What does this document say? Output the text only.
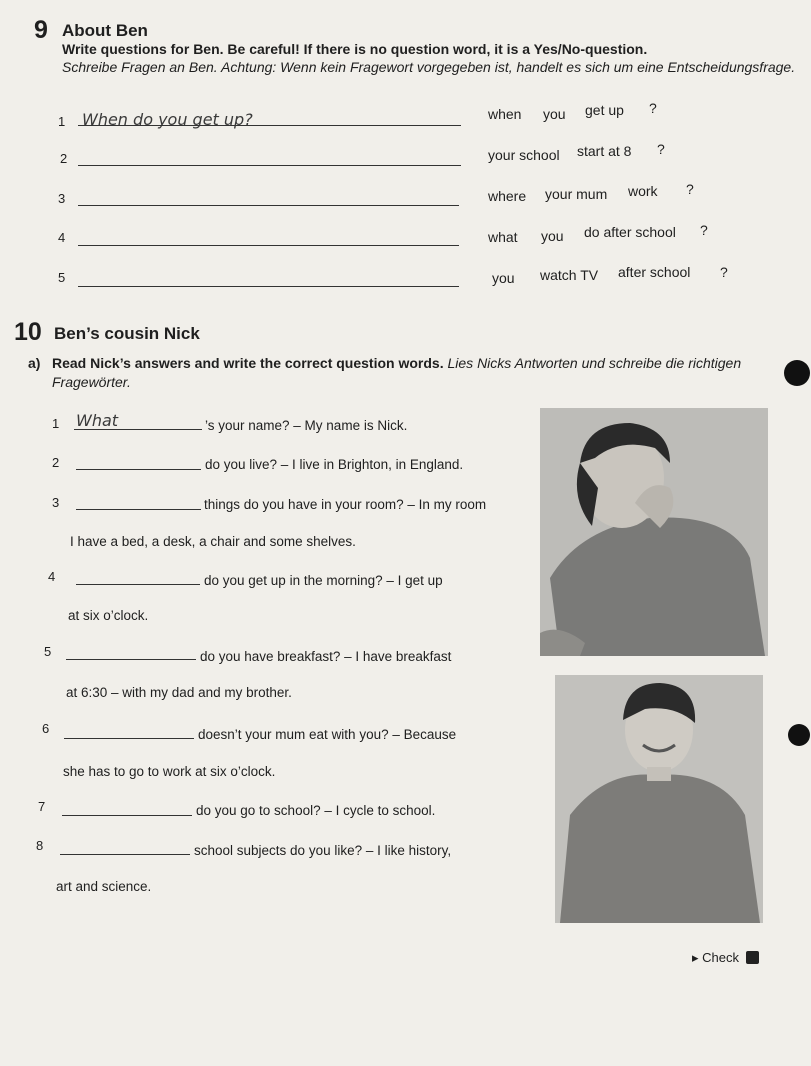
9 About Ben
Write questions for Ben. Be careful! If there is no question word, it is a Yes/No-question.
Schreibe Fragen an Ben. Achtung: Wenn kein Fragewort vorgegeben ist, handelt es sich um eine Entscheidungsfrage.
1 When do you get up?	when you get up ?
2	your school start at 8 ?
3	where your mum work ?
4	what you do after school ?
5	you watch TV after school ?
10 Ben’s cousin Nick
a) Read Nick’s answers and write the correct question words. Lies Nicks Antworten und schreibe die richtigen
Fragewörter.
1 What	’s your name? – My name is Nick.
2	do you live? – I live in Brighton, in England.
3	things do you have in your room? – In my room
I have a bed, a desk, a chair and some shelves.
4	do you get up in the morning? – I get up
at six o’clock.
5	do you have breakfast? – I have breakfast
at 6:30 – with my dad and my brother.
6	doesn’t your mum eat with you? – Because
she has to go to work at six o’clock.
7	do you go to school? – I cycle to school.
8	school subjects do you like? – I like history,
art and science.
▸ Check
